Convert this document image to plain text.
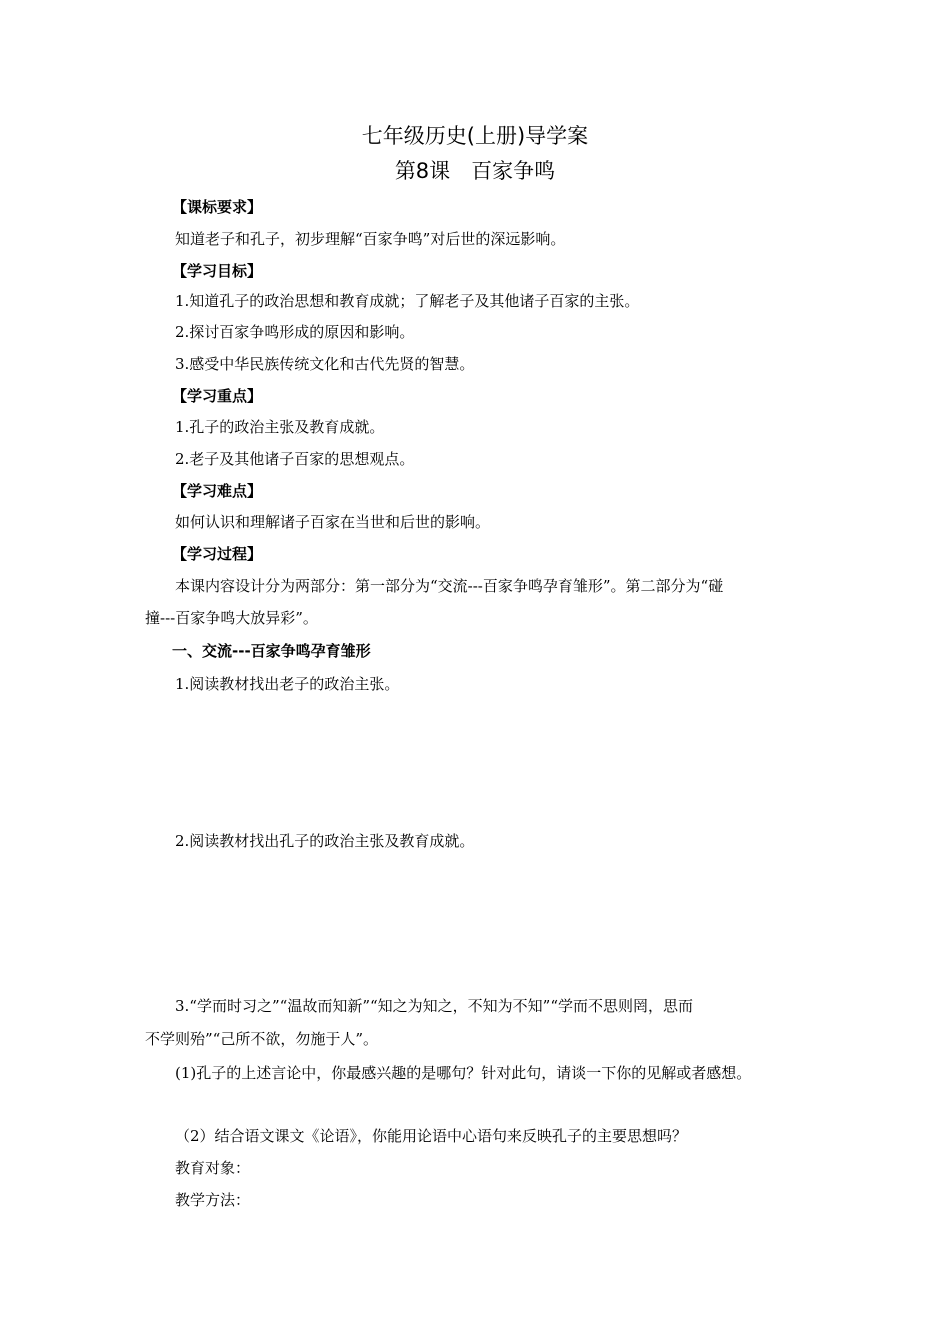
七年级历史(上册)导学案
第8课　百家争鸣
【课标要求】
知道老子和孔子，初步理解“百家争鸣”对后世的深远影响。
【学习目标】
1.知道孔子的政治思想和教育成就；了解老子及其他诸子百家的主张。
2.探讨百家争鸣形成的原因和影响。
3.感受中华民族传统文化和古代先贤的智慧。
【学习重点】
1.孔子的政治主张及教育成就。
2.老子及其他诸子百家的思想观点。
【学习难点】
如何认识和理解诸子百家在当世和后世的影响。
【学习过程】
本课内容设计分为两部分：第一部分为“交流---百家争鸣孕育雏形”。第二部分为“碰
撞---百家争鸣大放异彩”。
一、交流---百家争鸣孕育雏形
1.阅读教材找出老子的政治主张。
2.阅读教材找出孔子的政治主张及教育成就。
3.“学而时习之”“温故而知新”“知之为知之，不知为不知”“学而不思则罔，思而
不学则殆”“己所不欲，勿施于人”。
(1)孔子的上述言论中，你最感兴趣的是哪句？针对此句，请谈一下你的见解或者感想。
（2）结合语文课文《论语》，你能用论语中心语句来反映孔子的主要思想吗？
教育对象：
教学方法：
